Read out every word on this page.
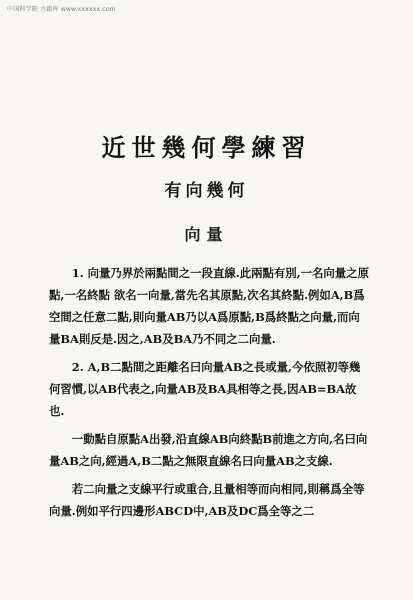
中国科学院 古籍库 www.xxxxxx.com
近世幾何學練習
有向幾何
向量

1. 向量乃界於兩點間之一段直線.此兩點有別,一名向量之原點,一名終點 欲名一向量,當先名其原點,次名其終點.例如A,B爲空間之任意二點,則向量AB乃以A爲原點,B爲終點之向量,而向量BA則反是.因之,AB及BA乃不同之二向量.

2. A,B二點間之距離名曰向量AB之長或量,今依照初等幾何習慣,以AB代表之,向量AB及BA具相等之長,因AB=BA故也.

一動點自原點A出發,沿直線AB向終點B前進之方向,名曰向量AB之向,經過A,B二點之無限直線名曰向量AB之支線.

若二向量之支線平行或重合,且量相等而向相同,則稱爲全等向量.例如平行四邊形ABCD中,AB及DC爲全等之二
